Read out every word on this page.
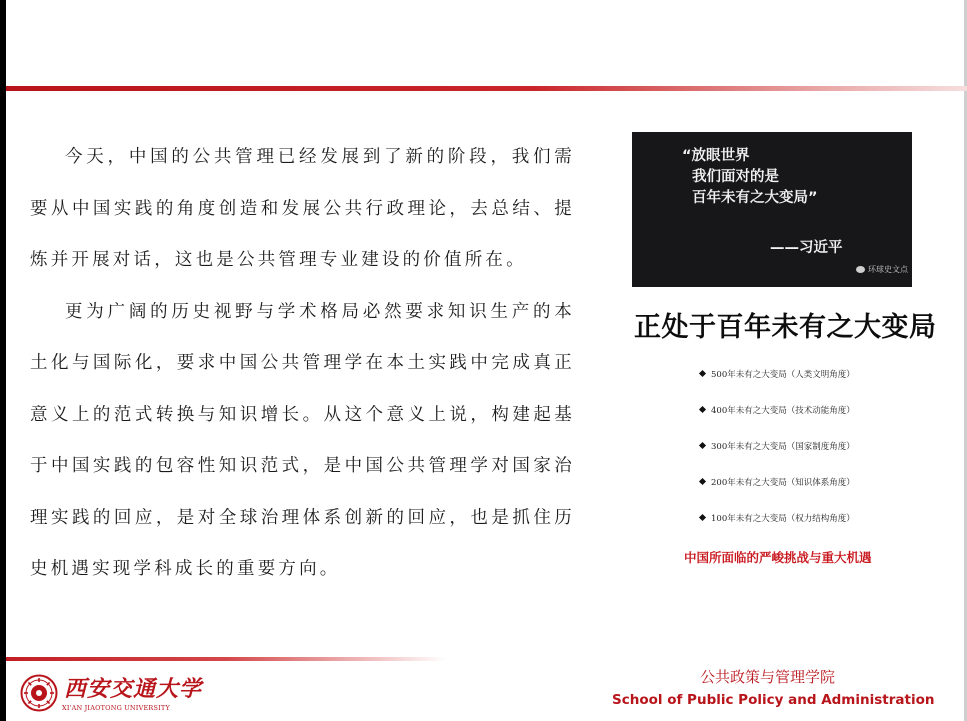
今天，中国的公共管理已经发展到了新的阶段，我们需要从中国实践的角度创造和发展公共行政理论，去总结、提炼并开展对话，这也是公共管理专业建设的价值所在。

更为广阔的历史视野与学术格局必然要求知识生产的本土化与国际化，要求中国公共管理学在本土实践中完成真正意义上的范式转换与知识增长。从这个意义上说，构建起基于中国实践的包容性知识范式，是中国公共管理学对国家治理实践的回应，是对全球治理体系创新的回应，也是抓住历史机遇实现学科成长的重要方向。

“放眼世界
我们面对的是
百年未有之大变局”
——习近平
环球史文点
正处于百年未有之大变局
500年未有之大变局（人类文明角度）
400年未有之大变局（技术动能角度）
300年未有之大变局（国家制度角度）
200年未有之大变局（知识体系角度）
100年未有之大变局（权力结构角度）
中国所面临的严峻挑战与重大机遇
西安交通大学
XI'AN JIAOTONG UNIVERSITY
公共政策与管理学院
School of Public Policy and Administration
